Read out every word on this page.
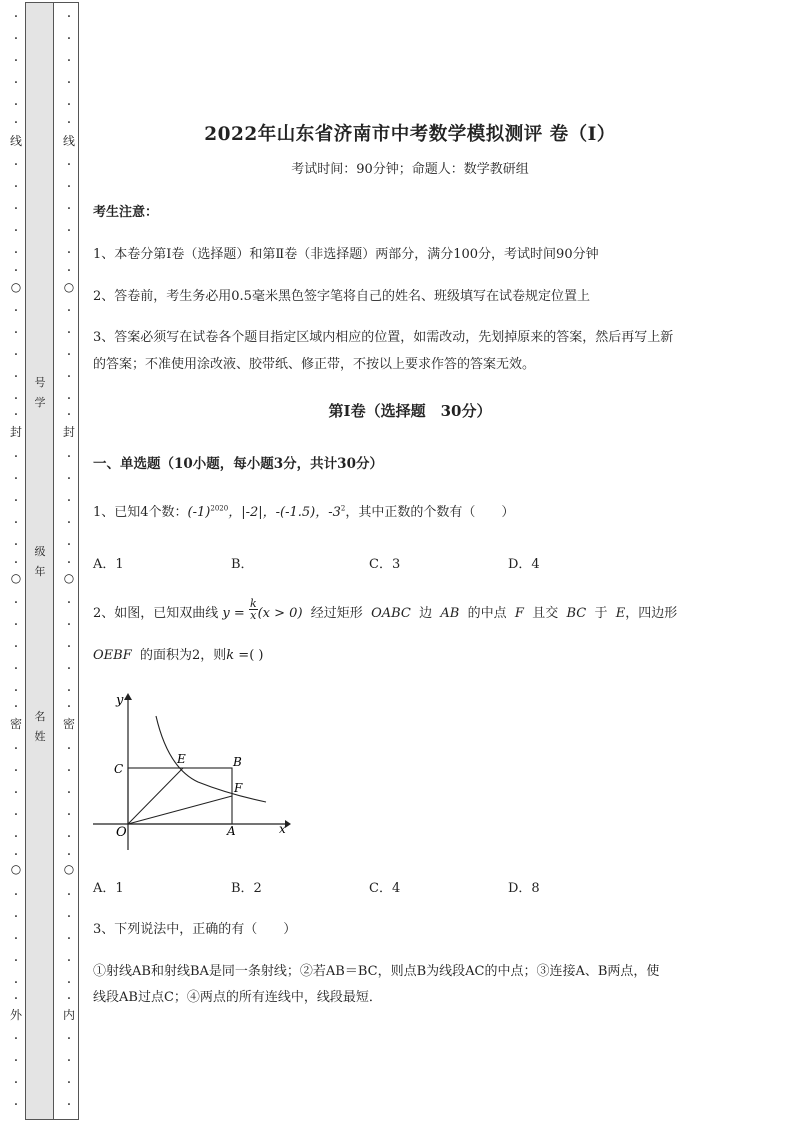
·
·
·
·
·
·
线
·
·
·
·
·
·
○
·
·
·
·
·
·
封
·
·
·
·
·
·
○
·
·
·
·
·
·
密
·
·
·
·
·
·
○
·
·
·
·
·
·
外
·
·
·
·
·
·
·
·
·
·
线
·
·
·
·
·
·
○
·
·
·
·
·
·
封
·
·
·
·
·
·
○
·
·
·
·
·
·
密
·
·
·
·
·
·
○
·
·
·
·
·
·
内
·
·
·
·
号
学
级
年
名
姓
2022年山东省济南市中考数学模拟测评 卷（Ⅰ）
考试时间：90分钟；命题人：数学教研组
考生注意：
1、本卷分第Ⅰ卷（选择题）和第Ⅱ卷（非选择题）两部分，满分100分，考试时间90分钟
2、答卷前，考生务必用0.5毫米黑色签字笔将自己的姓名、班级填写在试卷规定位置上
3、答案必须写在试卷各个题目指定区域内相应的位置，如需改动，先划掉原来的答案，然后再写上新
的答案；不准使用涂改液、胶带纸、修正带，不按以上要求作答的答案无效。
第Ⅰ卷（选择题　30分）
一、单选题（10小题，每小题3分，共计30分）
1、已知4个数：$(-1)^{2020}$，|-2|，-(-1.5)，$-3^2$，其中正数的个数有（　　）
A．1	B．	C．3	D．4
2、如图，已知双曲线 $y = \frac{k}{x} (x > 0)$ 经过矩形 OABC 边 AB 的中点 F 且交 BC 于 E，四边形
OEBF 的面积为2，则k =( )
y
x
O	A
B
C
E
F
A．1	B．2	C．4	D．8
3、下列说法中，正确的有（　　）
①射线AB和射线BA是同一条射线；②若AB＝BC，则点B为线段AC的中点；③连接A、B两点，使
线段AB过点C；④两点的所有连线中，线段最短．
